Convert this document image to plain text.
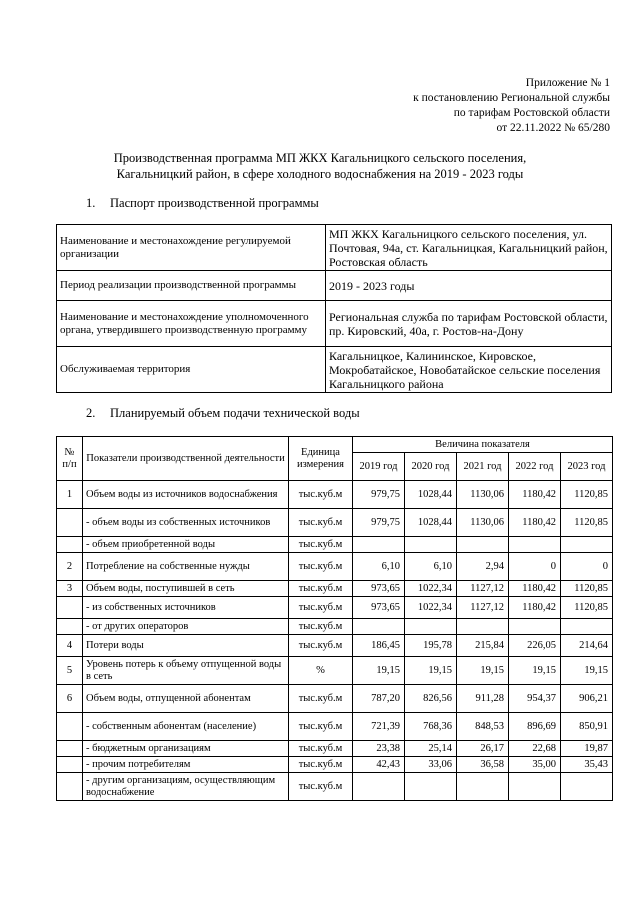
Приложение № 1
к постановлению Региональной службы
по тарифам Ростовской области
от 22.11.2022 № 65/280
Производственная программа МП ЖКХ Кагальницкого сельского поселения,
Кагальницкий район, в сфере холодного водоснабжения на 2019 - 2023 годы
1. Паспорт производственной программы
Наименование и местонахождение регулируемой организации	МП ЖКХ Кагальницкого сельского поселения, ул. Почтовая, 94а, ст. Кагальницкая, Кагальницкий район, Ростовская область
Период реализации производственной программы	2019 - 2023 годы
Наименование и местонахождение уполномоченного органа, утвердившего производственную программу	Региональная служба по тарифам Ростовской области, пр. Кировский, 40а, г. Ростов-на-Дону
Обслуживаемая территория	Кагальницкое, Калининское, Кировское, Мокробатайское, Новобатайское сельские поселения Кагальницкого района
2. Планируемый объем подачи технической воды
№ п/п	Показатели производственной деятельности	Единица измерения	Величина показателя				
			2019 год	2020 год	2021 год	2022 год	2023 год
1	Объем воды из источников водоснабжения	тыс.куб.м	979,75	1028,44	1130,06	1180,42	1120,85
	- объем воды из собственных источников	тыс.куб.м	979,75	1028,44	1130,06	1180,42	1120,85
	- объем приобретенной воды	тыс.куб.м					
2	Потребление на собственные нужды	тыс.куб.м	6,10	6,10	2,94	0	0
3	Объем воды, поступившей в сеть	тыс.куб.м	973,65	1022,34	1127,12	1180,42	1120,85
	- из собственных источников	тыс.куб.м	973,65	1022,34	1127,12	1180,42	1120,85
	- от других операторов	тыс.куб.м					
4	Потери воды	тыс.куб.м	186,45	195,78	215,84	226,05	214,64
5	Уровень потерь к объему отпущенной воды в сеть	%	19,15	19,15	19,15	19,15	19,15
6	Объем воды, отпущенной абонентам	тыс.куб.м	787,20	826,56	911,28	954,37	906,21
	- собственным абонентам (население)	тыс.куб.м	721,39	768,36	848,53	896,69	850,91
	- бюджетным организациям	тыс.куб.м	23,38	25,14	26,17	22,68	19,87
	- прочим потребителям	тыс.куб.м	42,43	33,06	36,58	35,00	35,43
	- другим организациям, осуществляющим водоснабжение	тыс.куб.м					
